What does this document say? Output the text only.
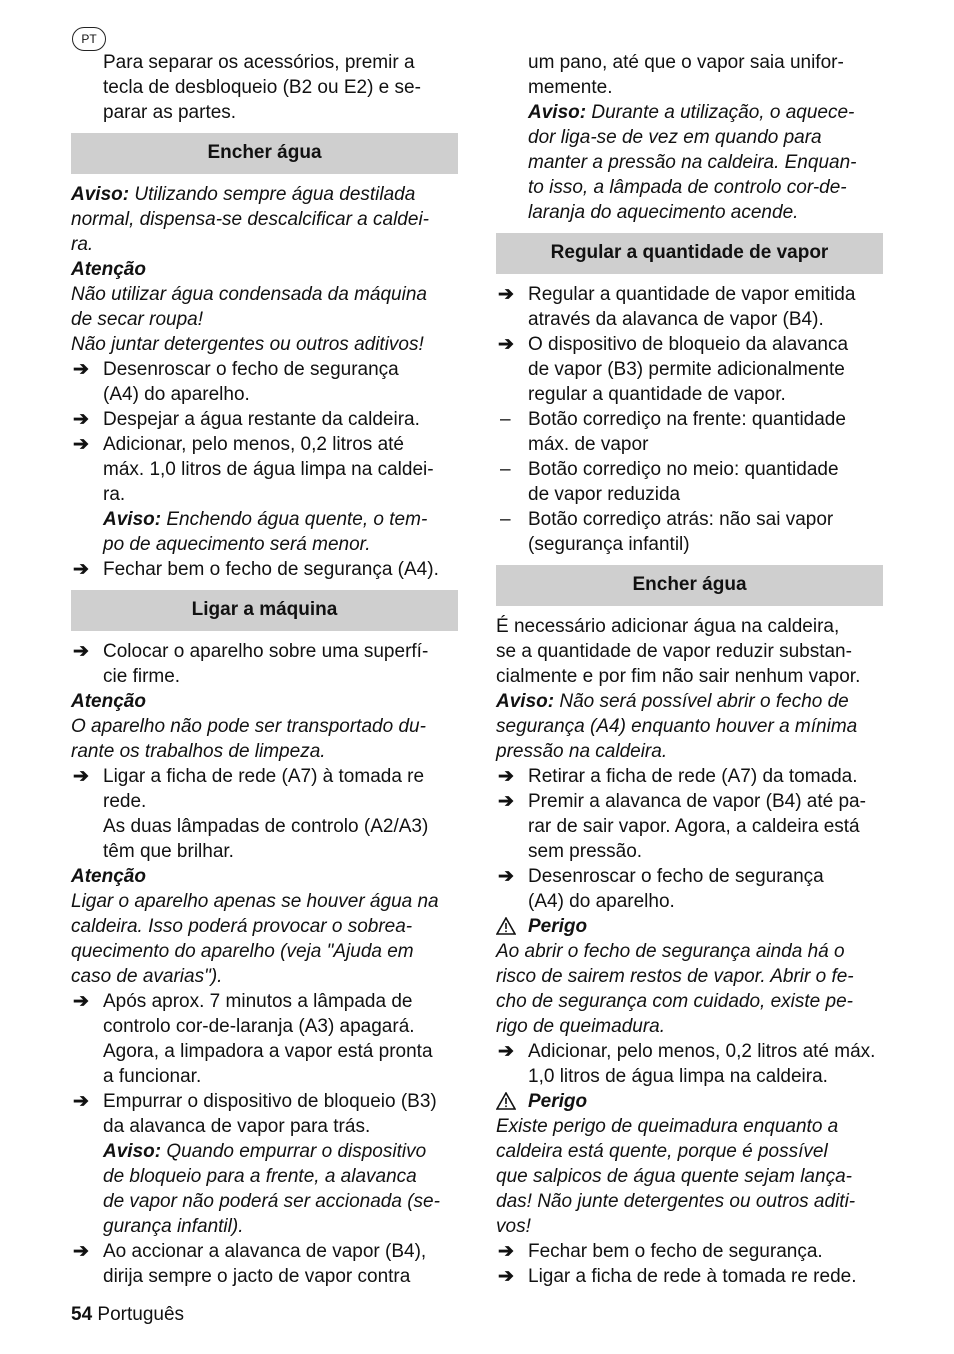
PT
Para separar os acessórios, premir a
tecla de desbloqueio (B2 ou E2) e se-
parar as partes.
Encher água
Aviso: Utilizando sempre água destilada
normal, dispensa-se descalcificar a caldei-
ra.
Atenção
Não utilizar água condensada da máquina
de secar roupa!
Não juntar detergentes ou outros aditivos!
➔ Desenroscar o fecho de segurança
(A4) do aparelho.
➔ Despejar a água restante da caldeira.
➔ Adicionar, pelo menos, 0,2 litros até
máx. 1,0 litros de água limpa na caldei-
ra.
Aviso: Enchendo água quente, o tem-
po de aquecimento será menor.
➔ Fechar bem o fecho de segurança (A4).
Ligar a máquina
➔ Colocar o aparelho sobre uma superfí-
cie firme.
Atenção
O aparelho não pode ser transportado du-
rante os trabalhos de limpeza.
➔ Ligar a ficha de rede (A7) à tomada re
rede.
As duas lâmpadas de controlo (A2/A3)
têm que brilhar.
Atenção
Ligar o aparelho apenas se houver água na
caldeira. Isso poderá provocar o sobrea-
quecimento do aparelho (veja "Ajuda em
caso de avarias").
➔ Após aprox. 7 minutos a lâmpada de
controlo cor-de-laranja (A3) apagará.
Agora, a limpadora a vapor está pronta
a funcionar.
➔ Empurrar o dispositivo de bloqueio (B3)
da alavanca de vapor para trás.
Aviso: Quando empurrar o dispositivo
de bloqueio para a frente, a alavanca
de vapor não poderá ser accionada (se-
gurança infantil).
➔ Ao accionar a alavanca de vapor (B4),
dirija sempre o jacto de vapor contra
um pano, até que o vapor saia unifor-
memente.
Aviso: Durante a utilização, o aquece-
dor liga-se de vez em quando para
manter a pressão na caldeira. Enquan-
to isso, a lâmpada de controlo cor-de-
laranja do aquecimento acende.
Regular a quantidade de vapor
➔ Regular a quantidade de vapor emitida
através da alavanca de vapor (B4).
➔ O dispositivo de bloqueio da alavanca
de vapor (B3) permite adicionalmente
regular a quantidade de vapor.
– Botão corrediço na frente: quantidade
máx. de vapor
– Botão corrediço no meio: quantidade
de vapor reduzida
– Botão corrediço atrás: não sai vapor
(segurança infantil)
Encher água
É necessário adicionar água na caldeira,
se a quantidade de vapor reduzir substan-
cialmente e por fim não sair nenhum vapor.
Aviso: Não será possível abrir o fecho de
segurança (A4) enquanto houver a mínima
pressão na caldeira.
➔ Retirar a ficha de rede (A7) da tomada.
➔ Premir a alavanca de vapor (B4) até pa-
rar de sair vapor. Agora, a caldeira está
sem pressão.
➔ Desenroscar o fecho de segurança
(A4) do aparelho.
Perigo
Ao abrir o fecho de segurança ainda há o
risco de sairem restos de vapor. Abrir o fe-
cho de segurança com cuidado, existe pe-
rigo de queimadura.
➔ Adicionar, pelo menos, 0,2 litros até máx.
1,0 litros de água limpa na caldeira.
Perigo
Existe perigo de queimadura enquanto a
caldeira está quente, porque é possível
que salpicos de água quente sejam lança-
das! Não junte detergentes ou outros aditi-
vos!
➔ Fechar bem o fecho de segurança.
➔ Ligar a ficha de rede à tomada re rede.
54 Português
